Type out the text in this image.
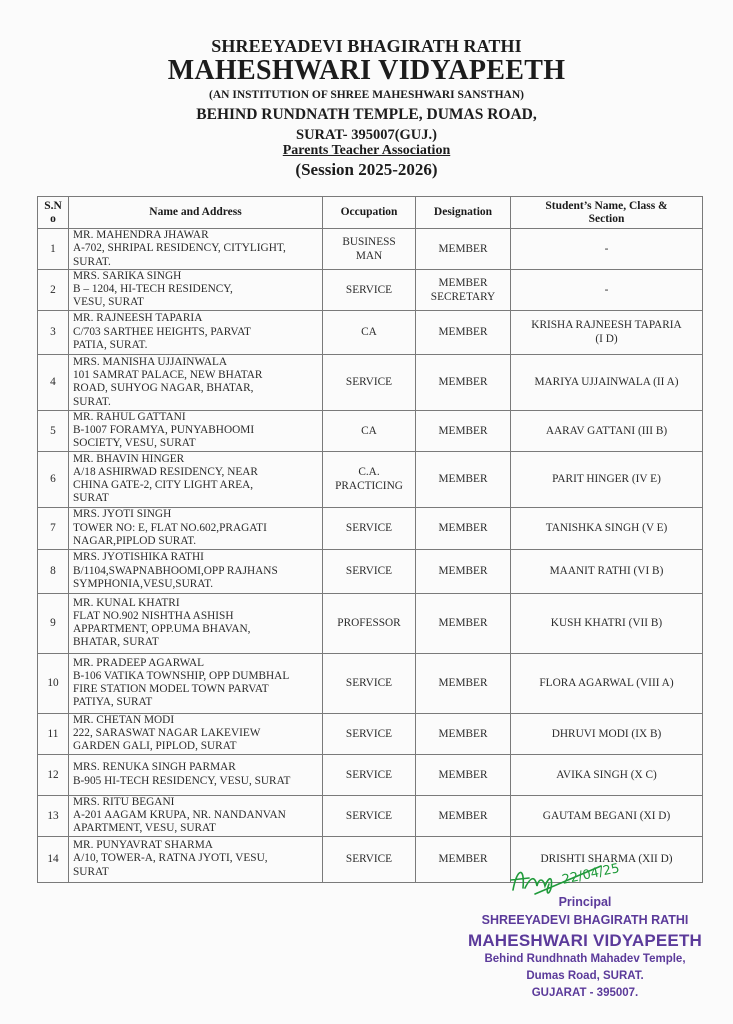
SHREEYADEVI BHAGIRATH RATHI
MAHESHWARI VIDYAPEETH
(AN INSTITUTION OF SHREE MAHESHWARI SANSTHAN)
BEHIND RUNDNATH TEMPLE, DUMAS ROAD,
SURAT- 395007(GUJ.)
Parents Teacher Association
(Session 2025-2026)
S.N
o	Name and Address	Occupation	Designation	Student’s Name, Class &
Section
1	MR. MAHENDRA JHAWAR
A-702, SHRIPAL RESIDENCY, CITYLIGHT,
SURAT.	BUSINESS
MAN	MEMBER	-

2	MRS. SARIKA SINGH
B – 1204, HI-TECH RESIDENCY,
VESU, SURAT	SERVICE	MEMBER
SECRETARY	-

3	MR. RAJNEESH TAPARIA
C/703 SARTHEE HEIGHTS, PARVAT
PATIA, SURAT.	CA	MEMBER	KRISHA RAJNEESH TAPARIA
(I D)

4	MRS. MANISHA UJJAINWALA
101 SAMRAT PALACE, NEW BHATAR
ROAD, SUHYOG NAGAR, BHATAR,
SURAT.	SERVICE	MEMBER	MARIYA UJJAINWALA (II A)

5	MR. RAHUL GATTANI
B-1007 FORAMYA, PUNYABHOOMI
SOCIETY, VESU, SURAT	CA	MEMBER	AARAV GATTANI (III B)

6	MR. BHAVIN HINGER
A/18 ASHIRWAD RESIDENCY, NEAR
CHINA GATE-2, CITY LIGHT AREA,
SURAT	C.A.
PRACTICING	MEMBER	PARIT HINGER (IV E)

7	MRS. JYOTI SINGH
TOWER NO: E, FLAT NO.602,PRAGATI
NAGAR,PIPLOD SURAT.	SERVICE	MEMBER	TANISHKA SINGH (V E)

8	MRS. JYOTISHIKA RATHI
B/1104,SWAPNABHOOMI,OPP RAJHANS
SYMPHONIA,VESU,SURAT.	SERVICE	MEMBER	MAANIT RATHI (VI B)

9	MR. KUNAL KHATRI
FLAT NO.902 NISHTHA ASHISH
APPARTMENT, OPP.UMA BHAVAN,
BHATAR, SURAT	PROFESSOR	MEMBER	KUSH KHATRI (VII B)

10	MR. PRADEEP AGARWAL
B-106 VATIKA TOWNSHIP, OPP DUMBHAL
FIRE STATION MODEL TOWN PARVAT
PATIYA, SURAT	SERVICE	MEMBER	FLORA AGARWAL (VIII A)

11	MR. CHETAN MODI
222, SARASWAT NAGAR LAKEVIEW
GARDEN GALI, PIPLOD, SURAT	SERVICE	MEMBER	DHRUVI MODI (IX B)

12	MRS. RENUKA SINGH PARMAR
B-905 HI-TECH RESIDENCY, VESU, SURAT	SERVICE	MEMBER	AVIKA SINGH (X C)

13	MRS. RITU BEGANI
A-201 AAGAM KRUPA, NR. NANDANVAN
APARTMENT, VESU, SURAT	SERVICE	MEMBER	GAUTAM BEGANI (XI D)

14	MR. PUNYAVRAT SHARMA
A/10, TOWER-A, RATNA JYOTI, VESU,
SURAT	SERVICE	MEMBER	DRISHTI SHARMA (XII D)
22/04/25
Principal
SHREEYADEVI BHAGIRATH RATHI
MAHESHWARI VIDYAPEETH
Behind Rundhnath Mahadev Temple,
Dumas Road, SURAT.
GUJARAT - 395007.
